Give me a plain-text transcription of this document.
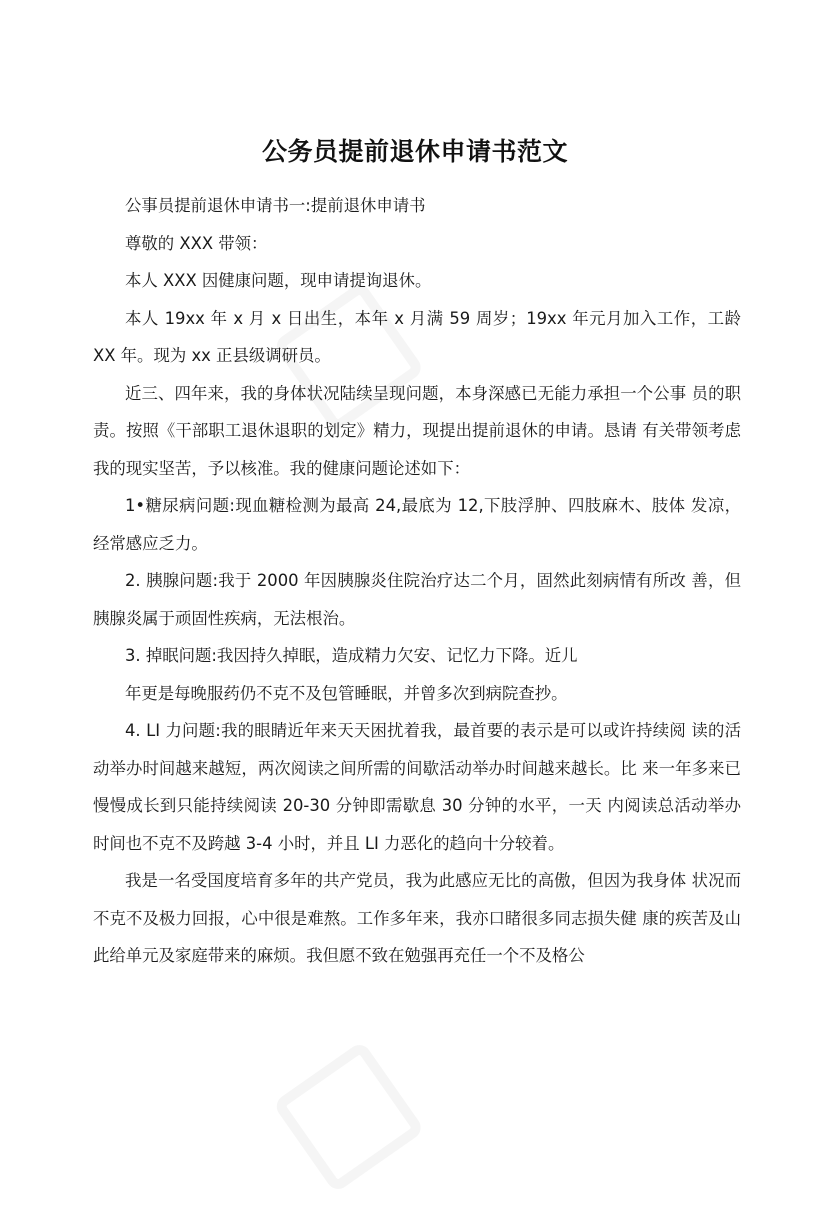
公务员提前退休申请书范文

公事员提前退休申请书一:提前退休申请书

尊敬的 XXX 带领：

本人 XXX 因健康问题，现申请提询退休。

本人 19xx 年 x 月 x 日出生，本年 x 月满 59 周岁；19xx 年元月加入工作，工龄 XX 年。现为 xx 正县级调研员。

近三、四年来，我的身体状况陆续呈现问题，本身深感已无能力承担一个公事 员的职责。按照《干部职工退休退职的划定》精力，现提出提前退休的申请。恳请 有关带领考虑我的现实坚苦，予以核准。我的健康问题论述如下：

1•糖尿病问题:现血糖检测为最高 24,最底为 12,下肢浮肿、四肢麻木、肢体 发凉，经常感应乏力。

2. 胰腺问题:我于 2000 年因胰腺炎住院治疗达二个月，固然此刻病情有所改 善，但胰腺炎属于顽固性疾病，无法根治。

3. 掉眠问题:我因持久掉眠，造成精力欠安、记忆力下降。近儿

年更是每晚服药仍不克不及包管睡眠，并曾多次到病院查抄。

4. LI 力问题:我的眼睛近年来天天困扰着我，最首要的表示是可以或许持续阅 读的活动举办时间越来越短，两次阅读之间所需的间歇活动举办时间越来越长。比 来一年多来已慢慢成长到只能持续阅读 20-30 分钟即需歇息 30 分钟的水平，一天 内阅读总活动举办时间也不克不及跨越 3-4 小时，并且 LI 力恶化的趋向十分较着。

我是一名受国度培育多年的共产党员，我为此感应无比的高傲，但因为我身体 状况而不克不及极力回报，心中很是难熬。工作多年来，我亦口睹很多同志损失健 康的疾苦及山此给单元及家庭带来的麻烦。我但愿不致在勉强再充任一个不及格公
